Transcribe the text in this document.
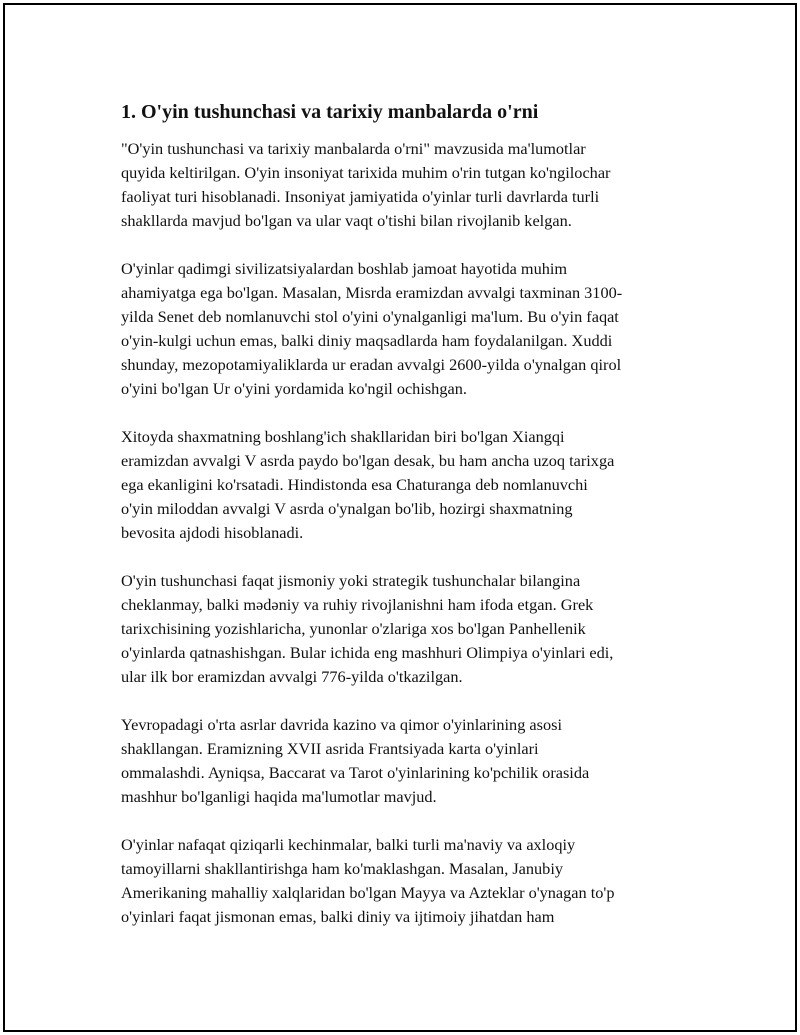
1. O'yin tushunchasi va tarixiy manbalarda o'rni

"O'yin tushunchasi va tarixiy manbalarda o'rni" mavzusida ma'lumotlar
quyida keltirilgan. O'yin insoniyat tarixida muhim o'rin tutgan ko'ngilochar
faoliyat turi hisoblanadi. Insoniyat jamiyatida o'yinlar turli davrlarda turli
shakllarda mavjud bo'lgan va ular vaqt o'tishi bilan rivojlanib kelgan.

O'yinlar qadimgi sivilizatsiyalardan boshlab jamoat hayotida muhim
ahamiyatga ega bo'lgan. Masalan, Misrda eramizdan avvalgi taxminan 3100-
yilda Senet deb nomlanuvchi stol o'yini o'ynalganligi ma'lum. Bu o'yin faqat
o'yin-kulgi uchun emas, balki diniy maqsadlarda ham foydalanilgan. Xuddi
shunday, mezopotamiyaliklarda ur eradan avvalgi 2600-yilda o'ynalgan qirol
o'yini bo'lgan Ur o'yini yordamida ko'ngil ochishgan.

Xitoyda shaxmatning boshlang'ich shakllaridan biri bo'lgan Xiangqi
eramizdan avvalgi V asrda paydo bo'lgan desak, bu ham ancha uzoq tarixga
ega ekanligini ko'rsatadi. Hindistonda esa Chaturanga deb nomlanuvchi
o'yin miloddan avvalgi V asrda o'ynalgan bo'lib, hozirgi shaxmatning
bevosita ajdodi hisoblanadi.

O'yin tushunchasi faqat jismoniy yoki strategik tushunchalar bilangina
cheklanmay, balki mədəniy va ruhiy rivojlanishni ham ifoda etgan. Grek
tarixchisining yozishlaricha, yunonlar o'zlariga xos bo'lgan Panhellenik
o'yinlarda qatnashishgan. Bular ichida eng mashhuri Olimpiya o'yinlari edi,
ular ilk bor eramizdan avvalgi 776-yilda o'tkazilgan.

Yevropadagi o'rta asrlar davrida kazino va qimor o'yinlarining asosi
shakllangan. Eramizning XVII asrida Frantsiyada karta o'yinlari
ommalashdi. Ayniqsa, Baccarat va Tarot o'yinlarining ko'pchilik orasida
mashhur bo'lganligi haqida ma'lumotlar mavjud.

O'yinlar nafaqat qiziqarli kechinmalar, balki turli ma'naviy va axloqiy
tamoyillarni shakllantirishga ham ko'maklashgan. Masalan, Janubiy
Amerikaning mahalliy xalqlaridan bo'lgan Mayya va Azteklar o'ynagan to'p
o'yinlari faqat jismonan emas, balki diniy va ijtimoiy jihatdan ham
